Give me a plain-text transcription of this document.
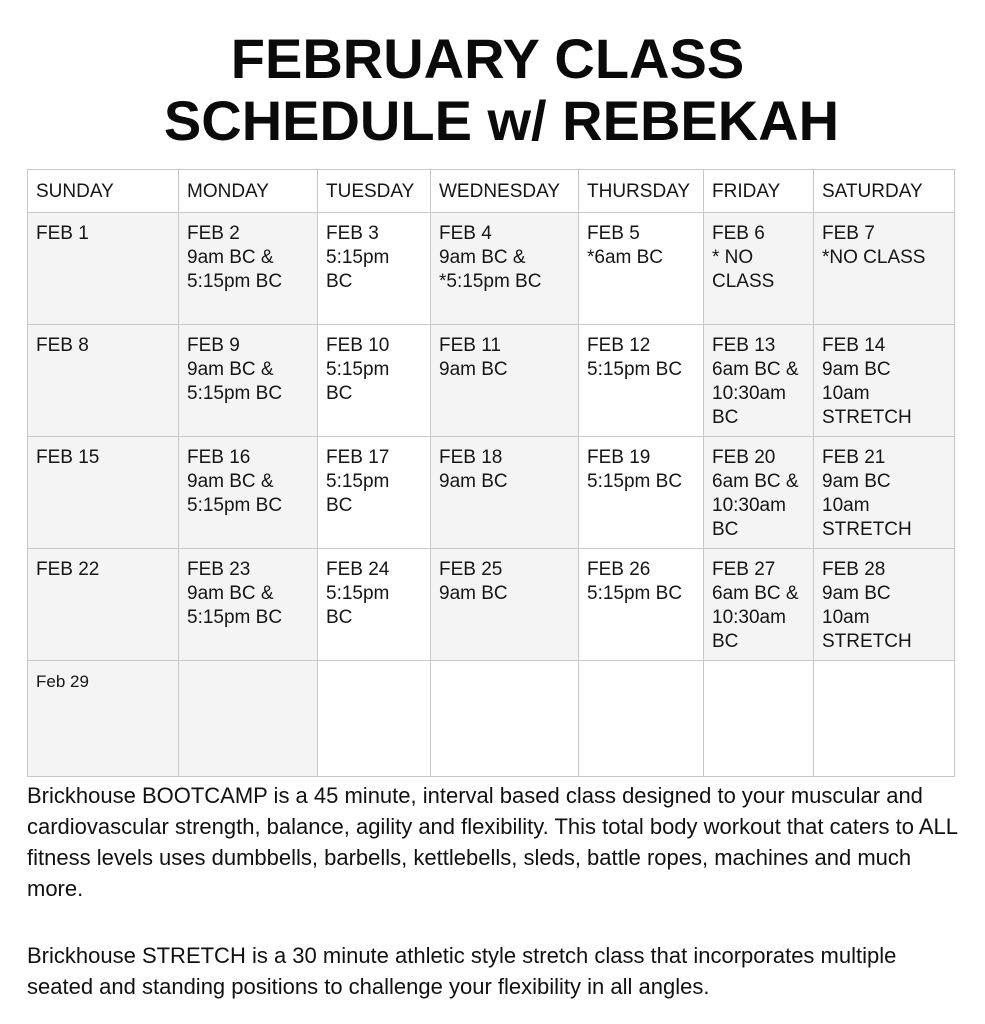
FEBRUARY CLASS
SCHEDULE w/ REBEKAH
SUNDAY	MONDAY	TUESDAY	WEDNESDAY	THURSDAY	FRIDAY	SATURDAY

FEB 1	FEB 2
9am BC &
5:15pm BC	FEB 3
5:15pm
BC	FEB 4
9am BC &
*5:15pm BC	FEB 5
*6am BC	FEB 6
* NO
CLASS	FEB 7
*NO CLASS

FEB 8	FEB 9
9am BC &
5:15pm BC	FEB 10
5:15pm
BC	FEB 11
9am BC	FEB 12
5:15pm BC	FEB 13
6am BC &
10:30am
BC	FEB 14
9am BC
10am
STRETCH

FEB 15	FEB 16
9am BC &
5:15pm BC	FEB 17
5:15pm
BC	FEB 18
9am BC	FEB 19
5:15pm BC	FEB 20
6am BC &
10:30am
BC	FEB 21
9am BC
10am
STRETCH

FEB 22	FEB 23
9am BC &
5:15pm BC	FEB 24
5:15pm
BC	FEB 25
9am BC	FEB 26
5:15pm BC	FEB 27
6am BC &
10:30am
BC	FEB 28
9am BC
10am
STRETCH

Feb 29						

Brickhouse BOOTCAMP is a 45 minute, interval based class designed to your muscular and cardiovascular strength, balance, agility and flexibility. This total body workout that caters to ALL fitness levels uses dumbbells, barbells, kettlebells, sleds, battle ropes, machines and much more.

Brickhouse STRETCH is a 30 minute athletic style stretch class that incorporates multiple seated and standing positions to challenge your flexibility in all angles.
